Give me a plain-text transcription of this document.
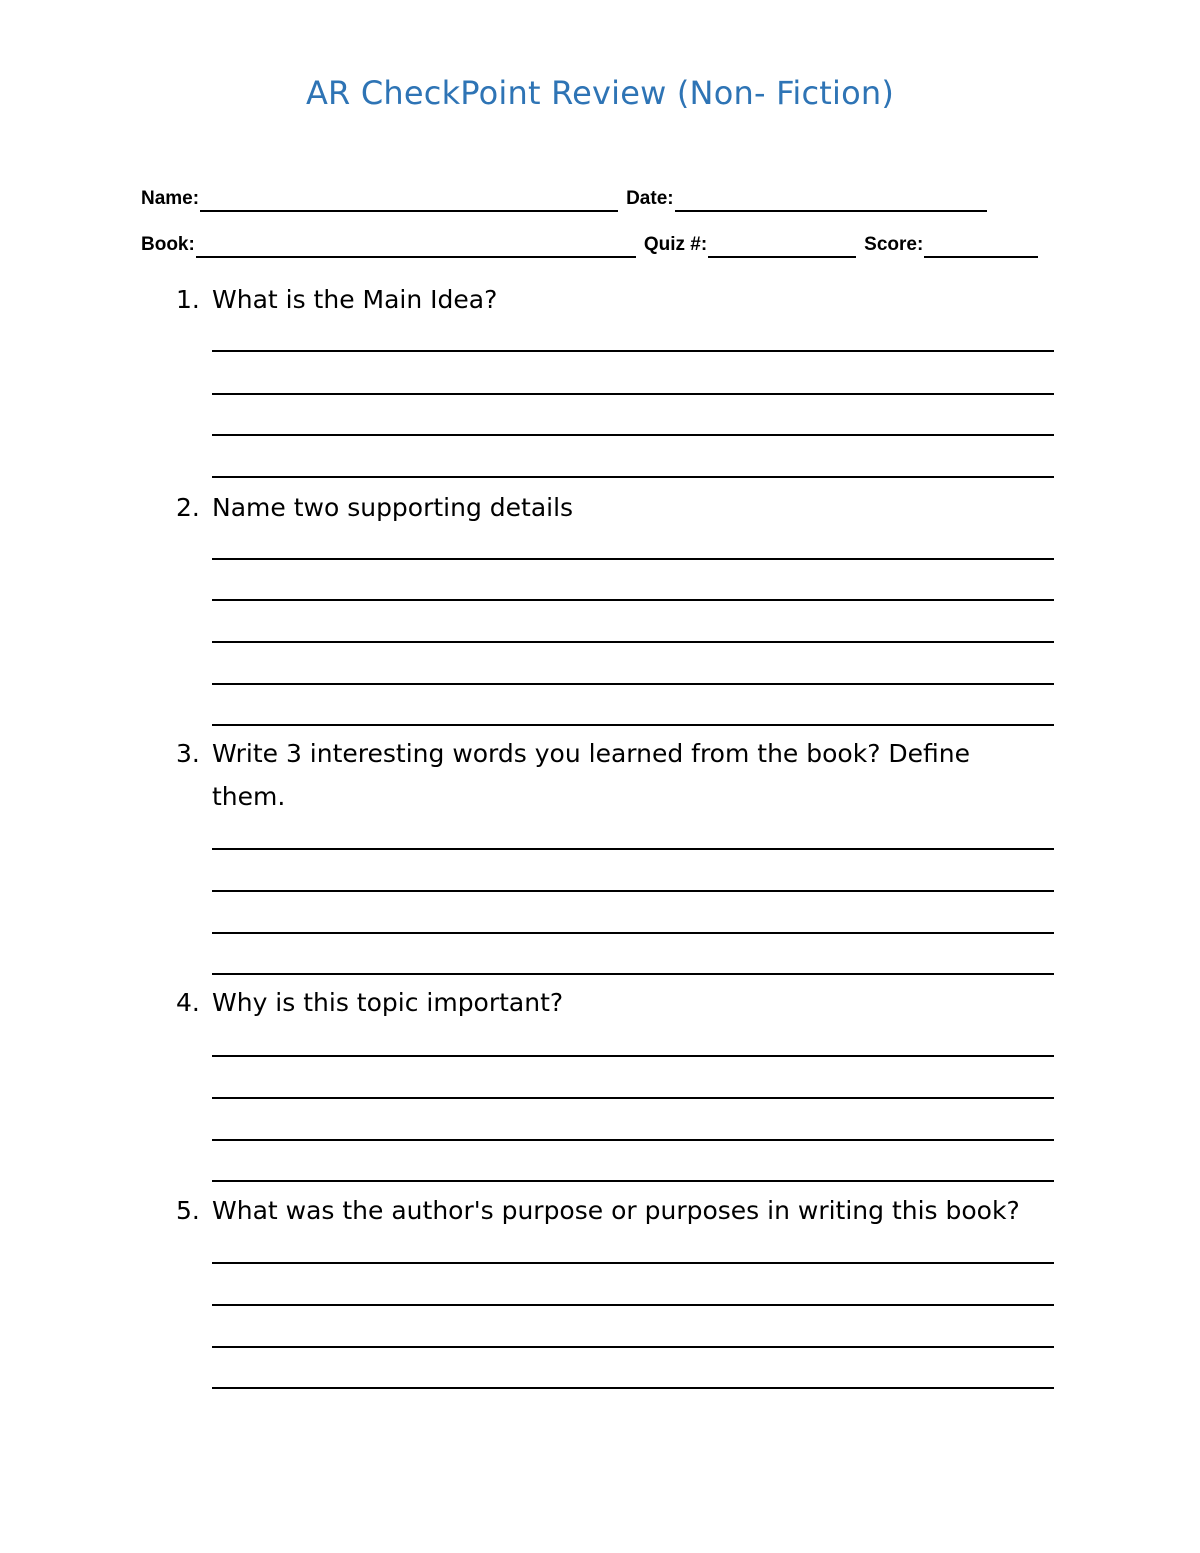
AR CheckPoint Review (Non- Fiction)
Name:	Date:
Book:	Quiz #:	Score:
1. What is the Main Idea?
2. Name two supporting details
3. Write 3 interesting words you learned from the book? Define them.
4. Why is this topic important?
5. What was the author's purpose or purposes in writing this book?
